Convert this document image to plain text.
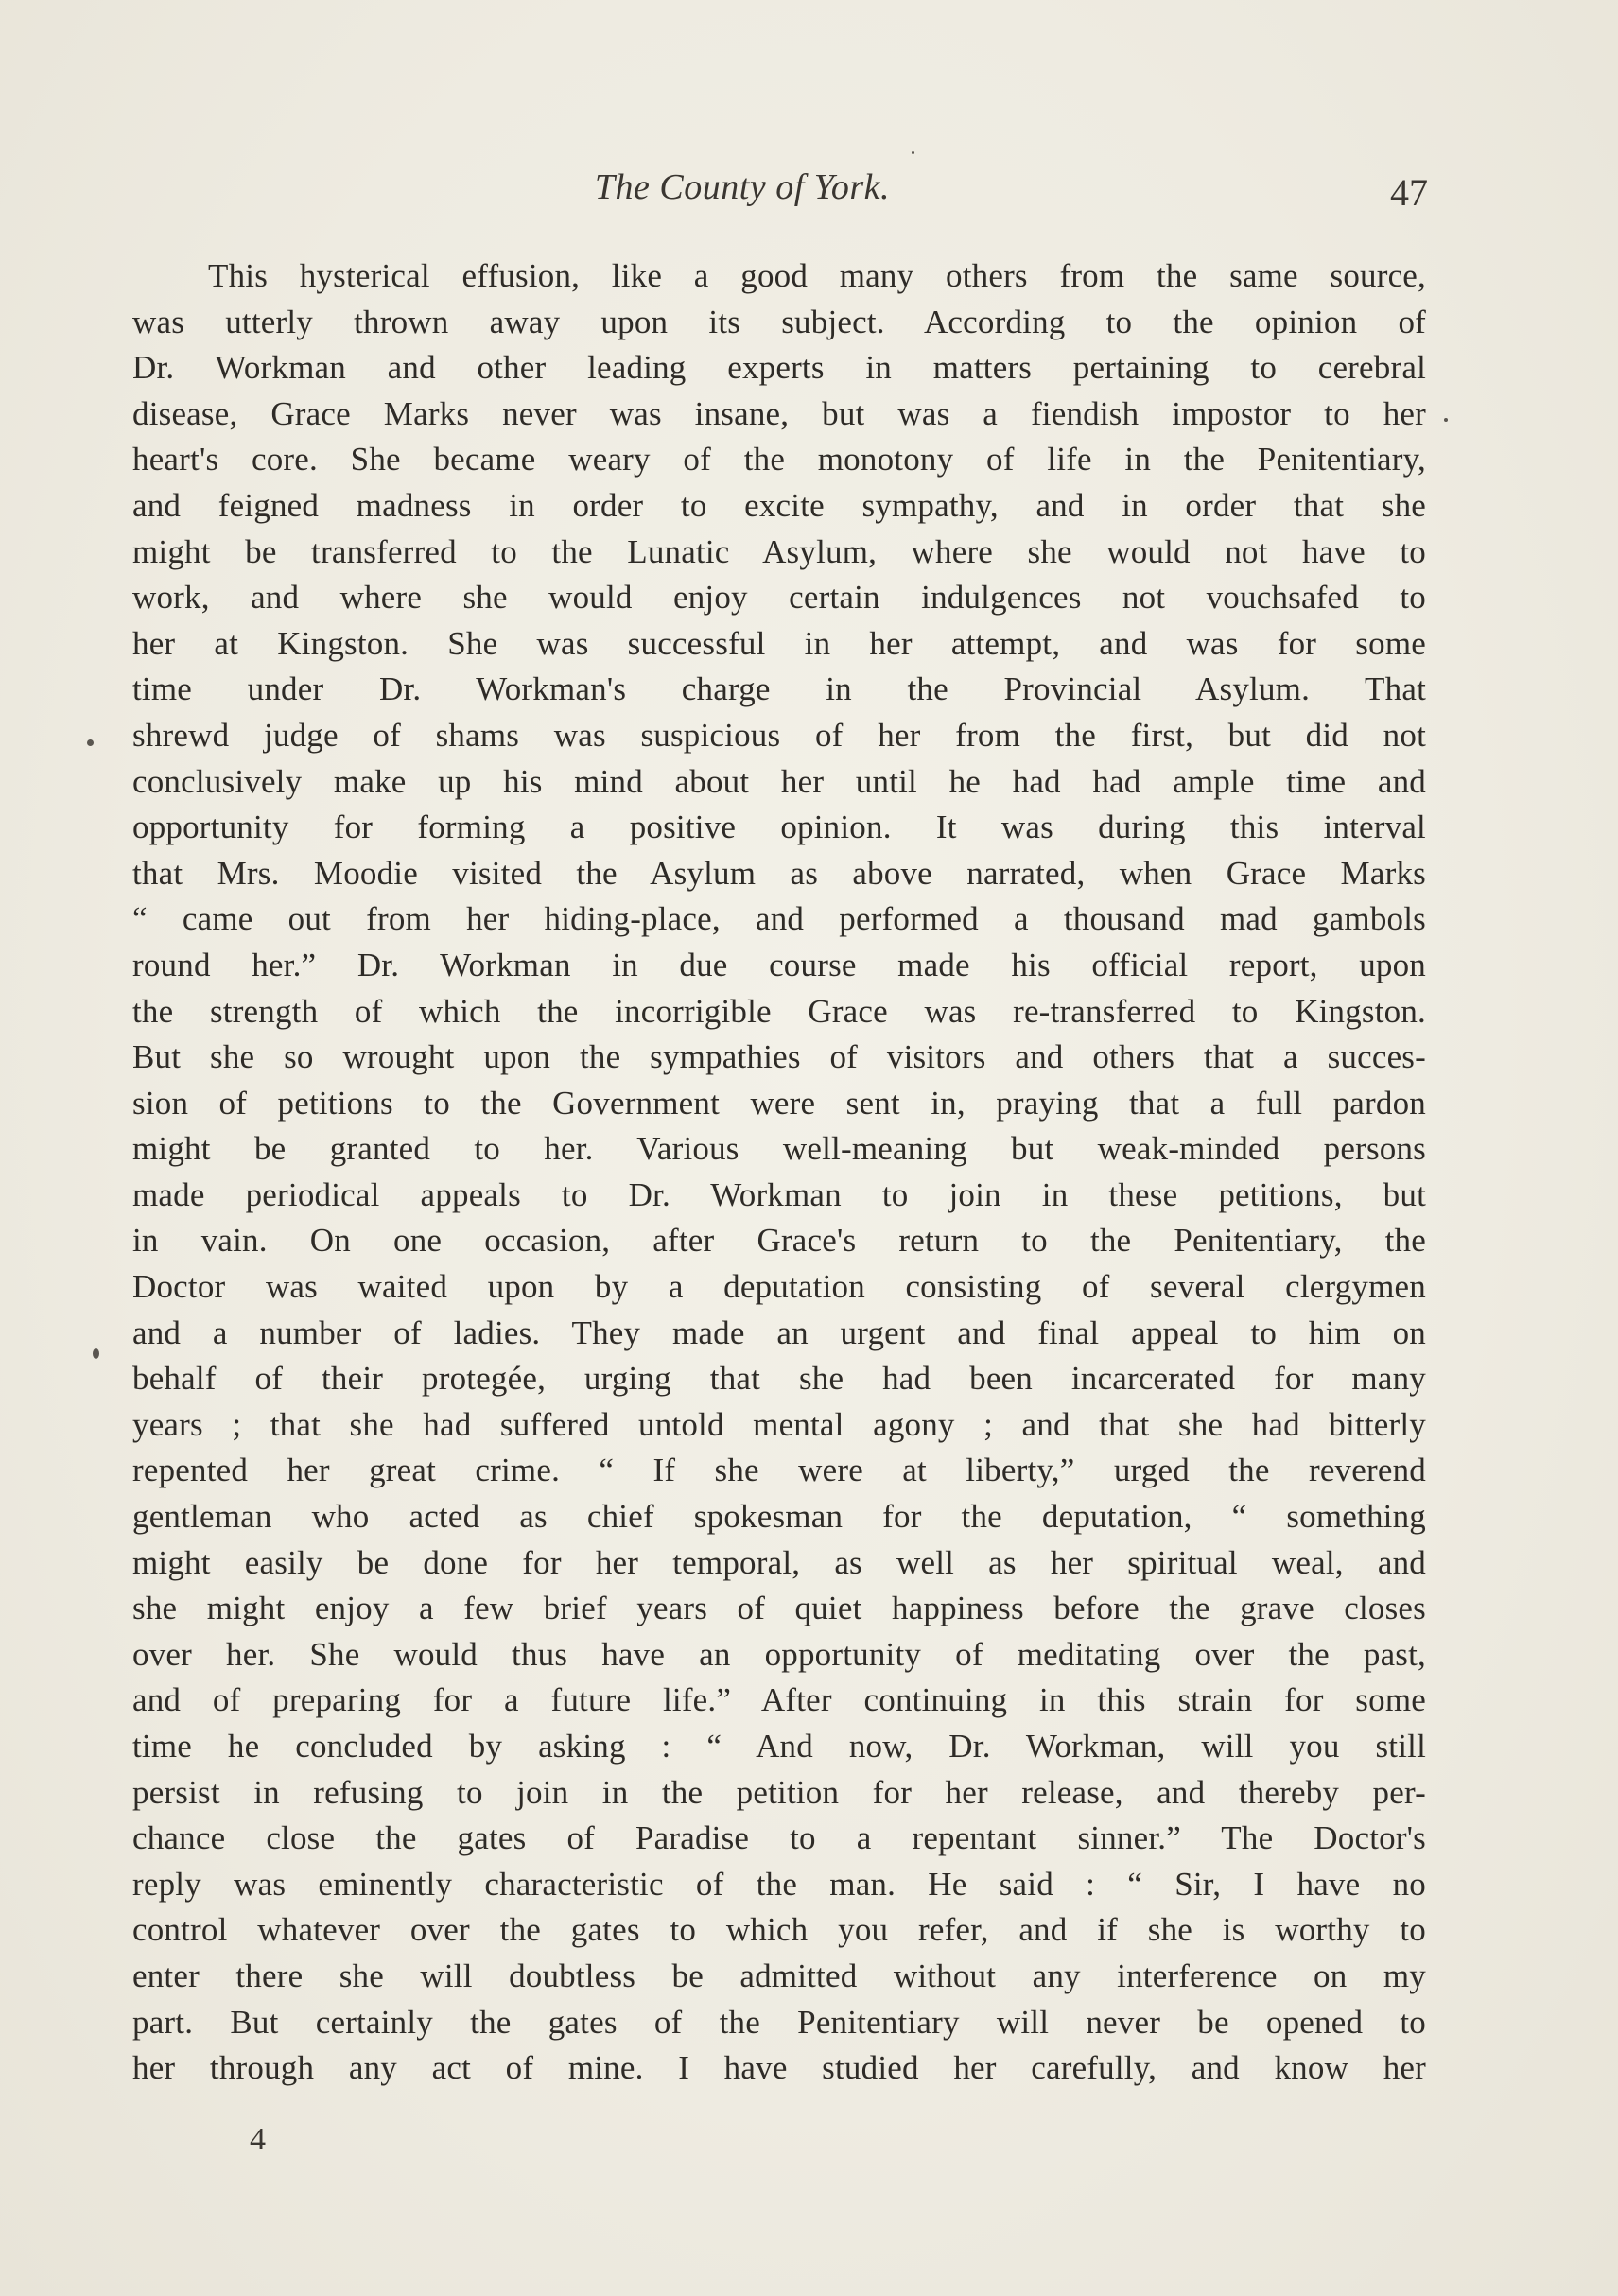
The County of York.	47
This hysterical effusion, like a good many others from the same source,
was utterly thrown away upon its subject. According to the opinion of
Dr. Workman and other leading experts in matters pertaining to cerebral
disease, Grace Marks never was insane, but was a fiendish impostor to her
heart's core. She became weary of the monotony of life in the Penitentiary,
and feigned madness in order to excite sympathy, and in order that she
might be transferred to the Lunatic Asylum, where she would not have to
work, and where she would enjoy certain indulgences not vouchsafed to
her at Kingston. She was successful in her attempt, and was for some
time under Dr. Workman's charge in the Provincial Asylum. That
shrewd judge of shams was suspicious of her from the first, but did not
conclusively make up his mind about her until he had had ample time and
opportunity for forming a positive opinion. It was during this interval
that Mrs. Moodie visited the Asylum as above narrated, when Grace Marks
“ came out from her hiding-place, and performed a thousand mad gambols
round her.” Dr. Workman in due course made his official report, upon
the strength of which the incorrigible Grace was re-transferred to Kingston.
But she so wrought upon the sympathies of visitors and others that a succes-
sion of petitions to the Government were sent in, praying that a full pardon
might be granted to her. Various well-meaning but weak-minded persons
made periodical appeals to Dr. Workman to join in these petitions, but
in vain. On one occasion, after Grace's return to the Penitentiary, the
Doctor was waited upon by a deputation consisting of several clergymen
and a number of ladies. They made an urgent and final appeal to him on
behalf of their protegée, urging that she had been incarcerated for many
years ; that she had suffered untold mental agony ; and that she had bitterly
repented her great crime. “ If she were at liberty,” urged the reverend
gentleman who acted as chief spokesman for the deputation, “ something
might easily be done for her temporal, as well as her spiritual weal, and
she might enjoy a few brief years of quiet happiness before the grave closes
over her. She would thus have an opportunity of meditating over the past,
and of preparing for a future life.” After continuing in this strain for some
time he concluded by asking : “ And now, Dr. Workman, will you still
persist in refusing to join in the petition for her release, and thereby per-
chance close the gates of Paradise to a repentant sinner.” The Doctor's
reply was eminently characteristic of the man. He said : “ Sir, I have no
control whatever over the gates to which you refer, and if she is worthy to
enter there she will doubtless be admitted without any interference on my
part. But certainly the gates of the Penitentiary will never be opened to
her through any act of mine. I have studied her carefully, and know her
4
